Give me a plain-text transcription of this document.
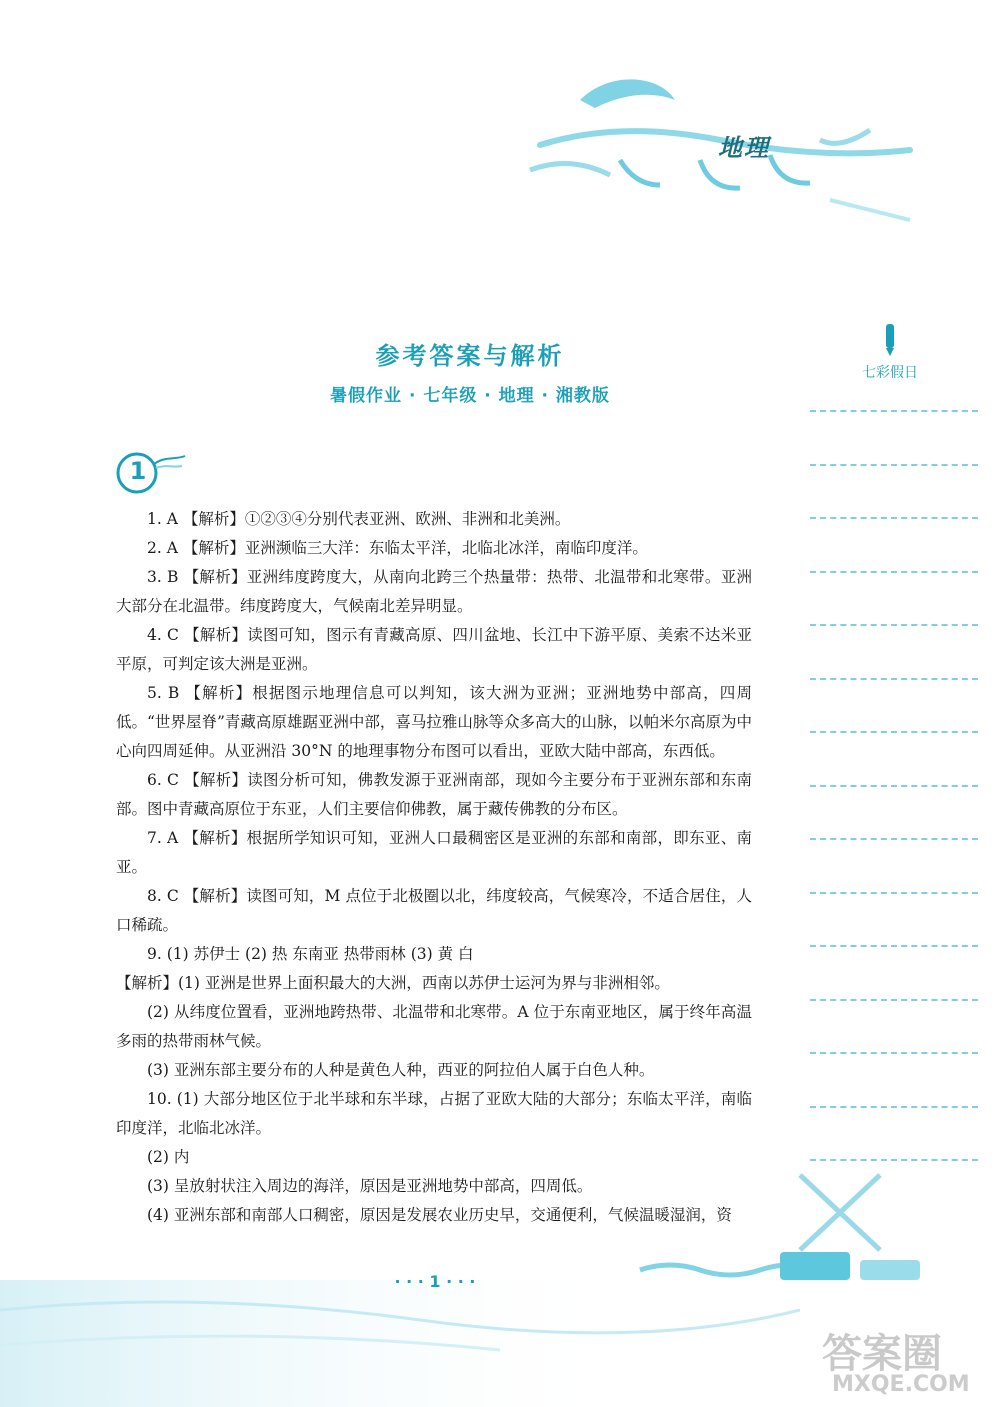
地理
参考答案与解析
暑假作业 · 七年级 · 地理 · 湘教版
七彩假日
1

1. A 【解析】①②③④分别代表亚洲、欧洲、非洲和北美洲。

2. A 【解析】亚洲濒临三大洋：东临太平洋，北临北冰洋，南临印度洋。

3. B 【解析】亚洲纬度跨度大，从南向北跨三个热量带：热带、北温带和北寒带。亚洲大部分在北温带。纬度跨度大，气候南北差异明显。

4. C 【解析】读图可知，图示有青藏高原、四川盆地、长江中下游平原、美索不达米亚平原，可判定该大洲是亚洲。

5. B 【解析】根据图示地理信息可以判知，该大洲为亚洲；亚洲地势中部高，四周低。“世界屋脊”青藏高原雄踞亚洲中部，喜马拉雅山脉等众多高大的山脉，以帕米尔高原为中心向四周延伸。从亚洲沿 30°N 的地理事物分布图可以看出，亚欧大陆中部高，东西低。

6. C 【解析】读图分析可知，佛教发源于亚洲南部，现如今主要分布于亚洲东部和东南部。图中青藏高原位于东亚，人们主要信仰佛教，属于藏传佛教的分布区。

7. A 【解析】根据所学知识可知，亚洲人口最稠密区是亚洲的东部和南部，即东亚、南亚。

8. C 【解析】读图可知，M 点位于北极圈以北，纬度较高，气候寒冷，不适合居住，人口稀疏。

9. (1) 苏伊士 (2) 热 东南亚 热带雨林 (3) 黄 白

【解析】(1) 亚洲是世界上面积最大的大洲，西南以苏伊士运河为界与非洲相邻。

(2) 从纬度位置看，亚洲地跨热带、北温带和北寒带。A 位于东南亚地区，属于终年高温多雨的热带雨林气候。

(3) 亚洲东部主要分布的人种是黄色人种，西亚的阿拉伯人属于白色人种。

10. (1) 大部分地区位于北半球和东半球，占据了亚欧大陆的大部分；东临太平洋，南临印度洋，北临北冰洋。

(2) 内

(3) 呈放射状注入周边的海洋，原因是亚洲地势中部高，四周低。

(4) 亚洲东部和南部人口稠密，原因是发展农业历史早，交通便利，气候温暖湿润，资

· · · 1 · · ·
答案圈
MXQE.COM
